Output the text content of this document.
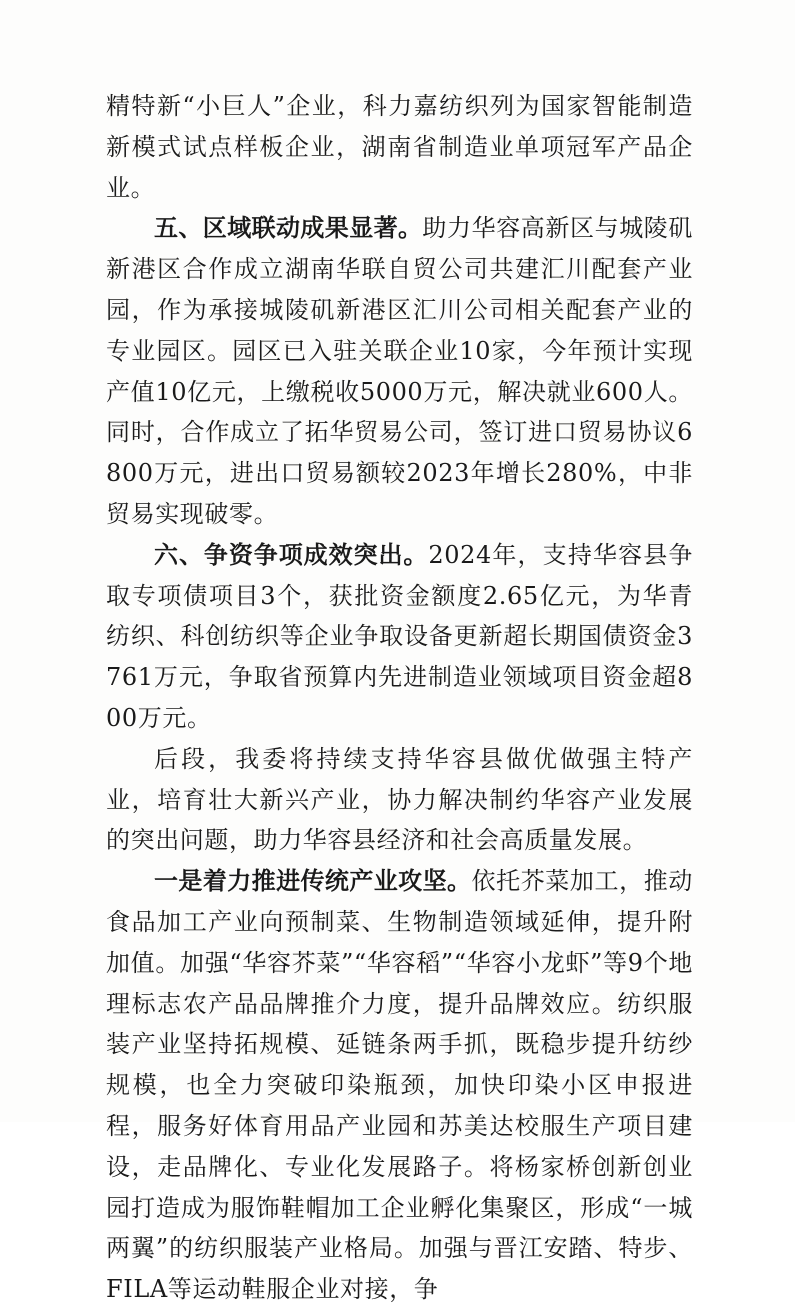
精特新“小巨人”企业，科力嘉纺织列为国家智能制造新模式试点样板企业，湖南省制造业单项冠军产品企业。

五、区域联动成果显著。助力华容高新区与城陵矶新港区合作成立湖南华联自贸公司共建汇川配套产业园，作为承接城陵矶新港区汇川公司相关配套产业的专业园区。园区已入驻关联企业10家，今年预计实现产值10亿元，上缴税收5000万元，解决就业600人。同时，合作成立了拓华贸易公司，签订进口贸易协议6800万元，进出口贸易额较2023年增长280%，中非贸易实现破零。

六、争资争项成效突出。2024年，支持华容县争取专项债项目3个，获批资金额度2.65亿元，为华青纺织、科创纺织等企业争取设备更新超长期国债资金3761万元，争取省预算内先进制造业领域项目资金超800万元。

后段，我委将持续支持华容县做优做强主特产业，培育壮大新兴产业，协力解决制约华容产业发展的突出问题，助力华容县经济和社会高质量发展。

一是着力推进传统产业攻坚。依托芥菜加工，推动食品加工产业向预制菜、生物制造领域延伸，提升附加值。加强“华容芥菜”“华容稻”“华容小龙虾”等9个地理标志农产品品牌推介力度，提升品牌效应。纺织服装产业坚持拓规模、延链条两手抓，既稳步提升纺纱规模，也全力突破印染瓶颈，加快印染小区申报进程，服务好体育用品产业园和苏美达校服生产项目建设，走品牌化、专业化发展路子。将杨家桥创新创业园打造成为服饰鞋帽加工企业孵化集聚区，形成“一城两翼”的纺织服装产业格局。加强与晋江安踏、特步、FILA等运动鞋服企业对接，争
